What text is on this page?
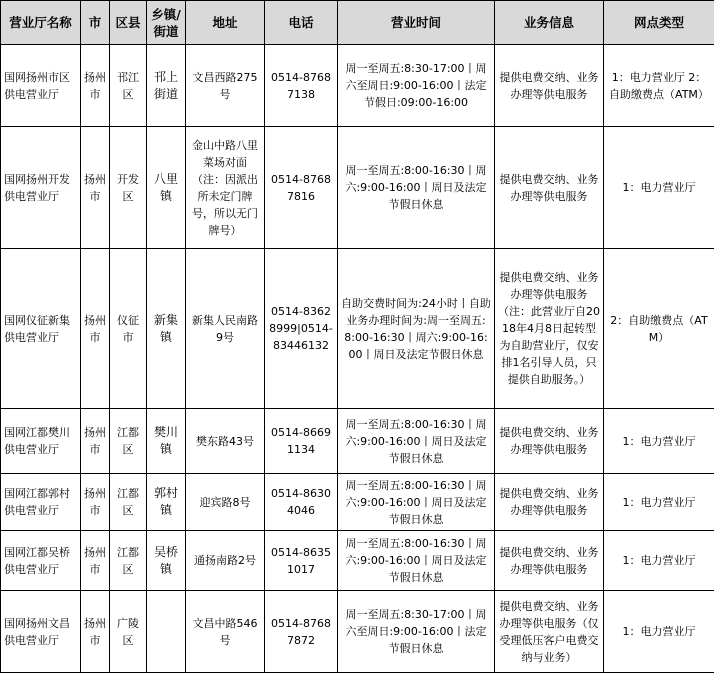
营业厅名称	市	区县	乡镇/街道	地址	电话	营业时间	业务信息	网点类型
国网扬州市区供电营业厅	扬州市	邗江区	邗上街道	文昌西路275号	0514-87687138	周一至周五:8:30-17:00丨周六至周日:9:00-16:00丨法定节假日:09:00-16:00	提供电费交纳、业务办理等供电服务	1：电力营业厅 2：自助缴费点（ATM）
国网扬州开发供电营业厅	扬州市	开发区	八里镇	金山中路八里菜场对面（注：因派出所未定门牌号，所以无门牌号）	0514-87687816	周一至周五:8:00-16:30丨周六:9:00-16:00丨周日及法定节假日休息	提供电费交纳、业务办理等供电服务	1：电力营业厅
国网仪征新集供电营业厅	扬州市	仪征市	新集镇	新集人民南路9号	0514-83628999|0514-83446132	自助交费时间为:24小时丨自助业务办理时间为:周一至周五:8:00-16:30丨周六:9:00-16:00丨周日及法定节假日休息	提供电费交纳、业务办理等供电服务（注：此营业厅自2018年4月8日起转型为自助营业厅，仅安排1名引导人员，只提供自助服务。）	2：自助缴费点（ATM）
国网江都樊川供电营业厅	扬州市	江都区	樊川镇	樊东路43号	0514-86691134	周一至周五:8:00-16:30丨周六:9:00-16:00丨周日及法定节假日休息	提供电费交纳、业务办理等供电服务	1：电力营业厅
国网江都郭村供电营业厅	扬州市	江都区	郭村镇	迎宾路8号	0514-86304046	周一至周五:8:00-16:30丨周六:9:00-16:00丨周日及法定节假日休息	提供电费交纳、业务办理等供电服务	1：电力营业厅
国网江都吴桥供电营业厅	扬州市	江都区	吴桥镇	通扬南路2号	0514-86351017	周一至周五:8:00-16:30丨周六:9:00-16:00丨周日及法定节假日休息	提供电费交纳、业务办理等供电服务	1：电力营业厅
国网扬州文昌供电营业厅	扬州市	广陵区		文昌中路546号	0514-87687872	周一至周五:8:30-17:00丨周六至周日:9:00-16:00丨法定节假日休息	提供电费交纳、业务办理等供电服务（仅受理低压客户电费交纳与业务）	1：电力营业厅
